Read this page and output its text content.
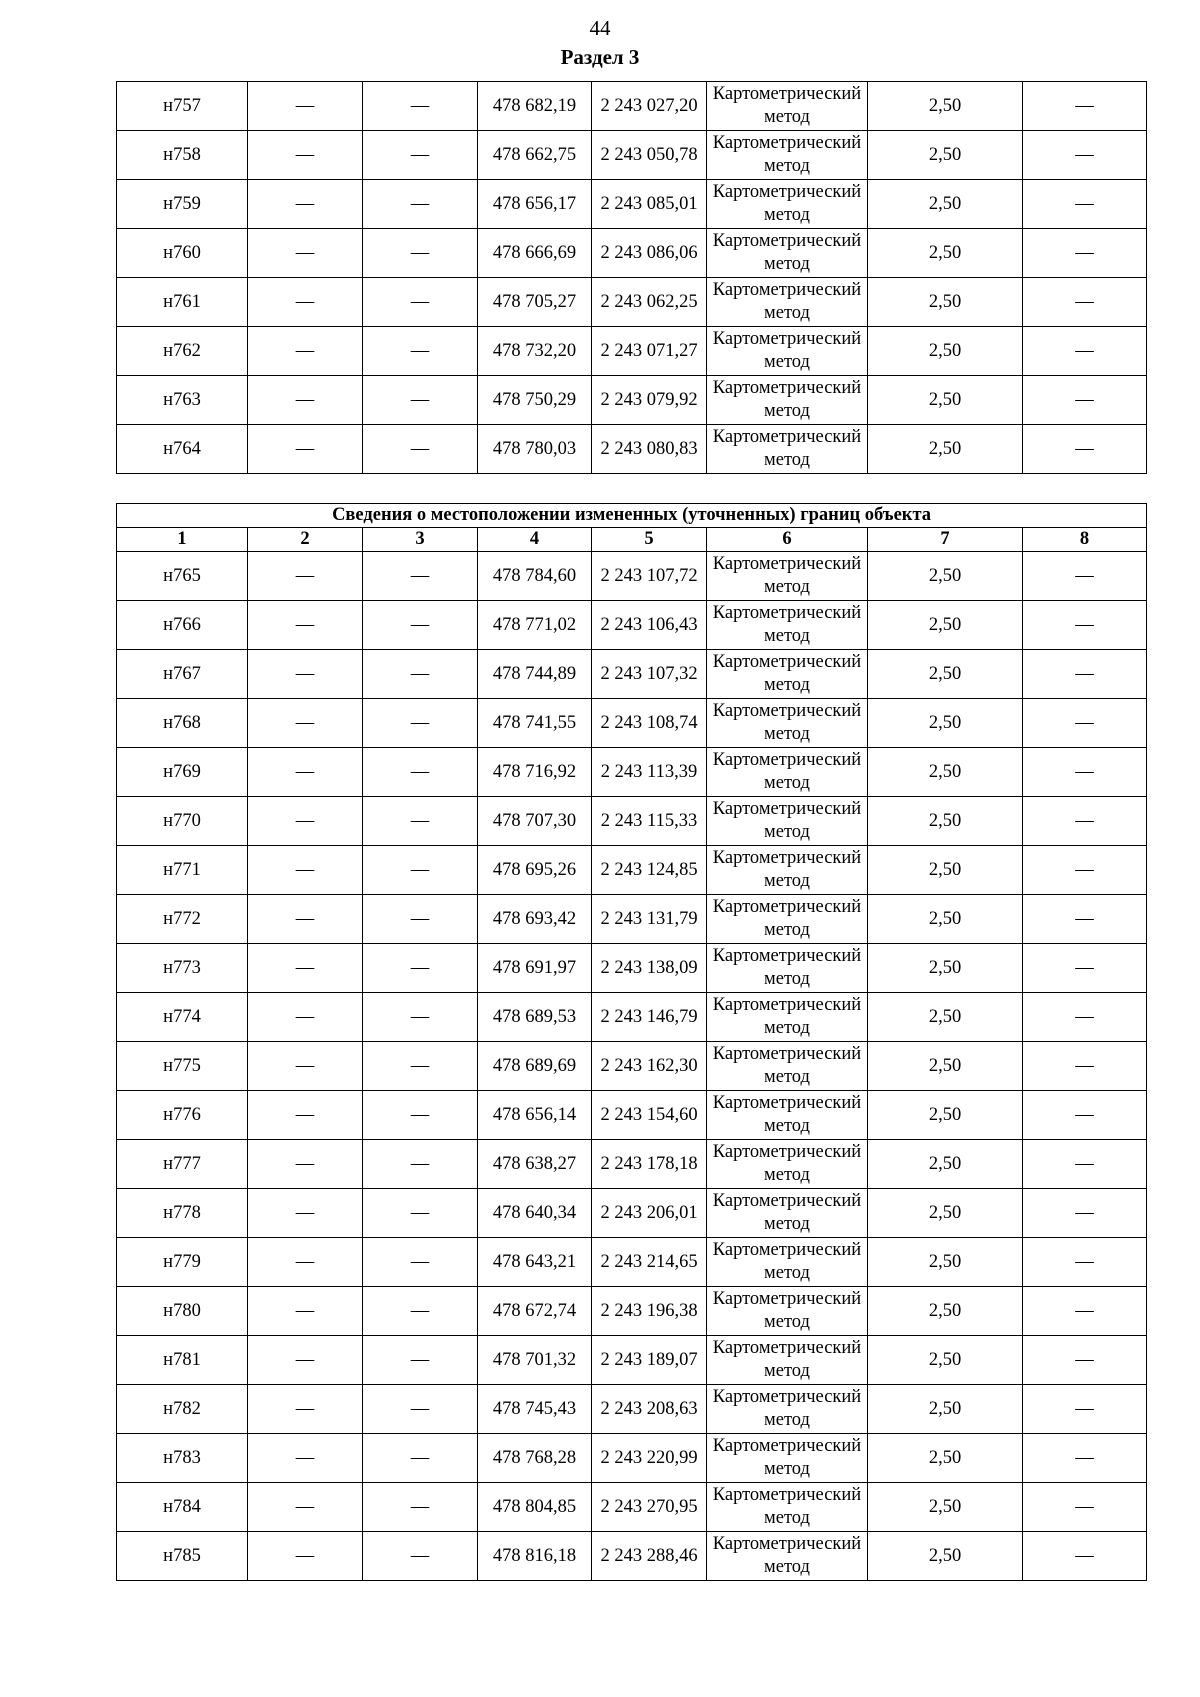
44
Раздел 3
н757	—	—	478 682,19	2 243 027,20	Картометрический метод	2,50	—
н758	—	—	478 662,75	2 243 050,78	Картометрический метод	2,50	—
н759	—	—	478 656,17	2 243 085,01	Картометрический метод	2,50	—
н760	—	—	478 666,69	2 243 086,06	Картометрический метод	2,50	—
н761	—	—	478 705,27	2 243 062,25	Картометрический метод	2,50	—
н762	—	—	478 732,20	2 243 071,27	Картометрический метод	2,50	—
н763	—	—	478 750,29	2 243 079,92	Картометрический метод	2,50	—
н764	—	—	478 780,03	2 243 080,83	Картометрический метод	2,50	—
Сведения о местоположении измененных (уточненных) границ объекта							
1	2	3	4	5	6	7	8
н765	—	—	478 784,60	2 243 107,72	Картометрический метод	2,50	—
н766	—	—	478 771,02	2 243 106,43	Картометрический метод	2,50	—
н767	—	—	478 744,89	2 243 107,32	Картометрический метод	2,50	—
н768	—	—	478 741,55	2 243 108,74	Картометрический метод	2,50	—
н769	—	—	478 716,92	2 243 113,39	Картометрический метод	2,50	—
н770	—	—	478 707,30	2 243 115,33	Картометрический метод	2,50	—
н771	—	—	478 695,26	2 243 124,85	Картометрический метод	2,50	—
н772	—	—	478 693,42	2 243 131,79	Картометрический метод	2,50	—
н773	—	—	478 691,97	2 243 138,09	Картометрический метод	2,50	—
н774	—	—	478 689,53	2 243 146,79	Картометрический метод	2,50	—
н775	—	—	478 689,69	2 243 162,30	Картометрический метод	2,50	—
н776	—	—	478 656,14	2 243 154,60	Картометрический метод	2,50	—
н777	—	—	478 638,27	2 243 178,18	Картометрический метод	2,50	—
н778	—	—	478 640,34	2 243 206,01	Картометрический метод	2,50	—
н779	—	—	478 643,21	2 243 214,65	Картометрический метод	2,50	—
н780	—	—	478 672,74	2 243 196,38	Картометрический метод	2,50	—
н781	—	—	478 701,32	2 243 189,07	Картометрический метод	2,50	—
н782	—	—	478 745,43	2 243 208,63	Картометрический метод	2,50	—
н783	—	—	478 768,28	2 243 220,99	Картометрический метод	2,50	—
н784	—	—	478 804,85	2 243 270,95	Картометрический метод	2,50	—
н785	—	—	478 816,18	2 243 288,46	Картометрический метод	2,50	—
